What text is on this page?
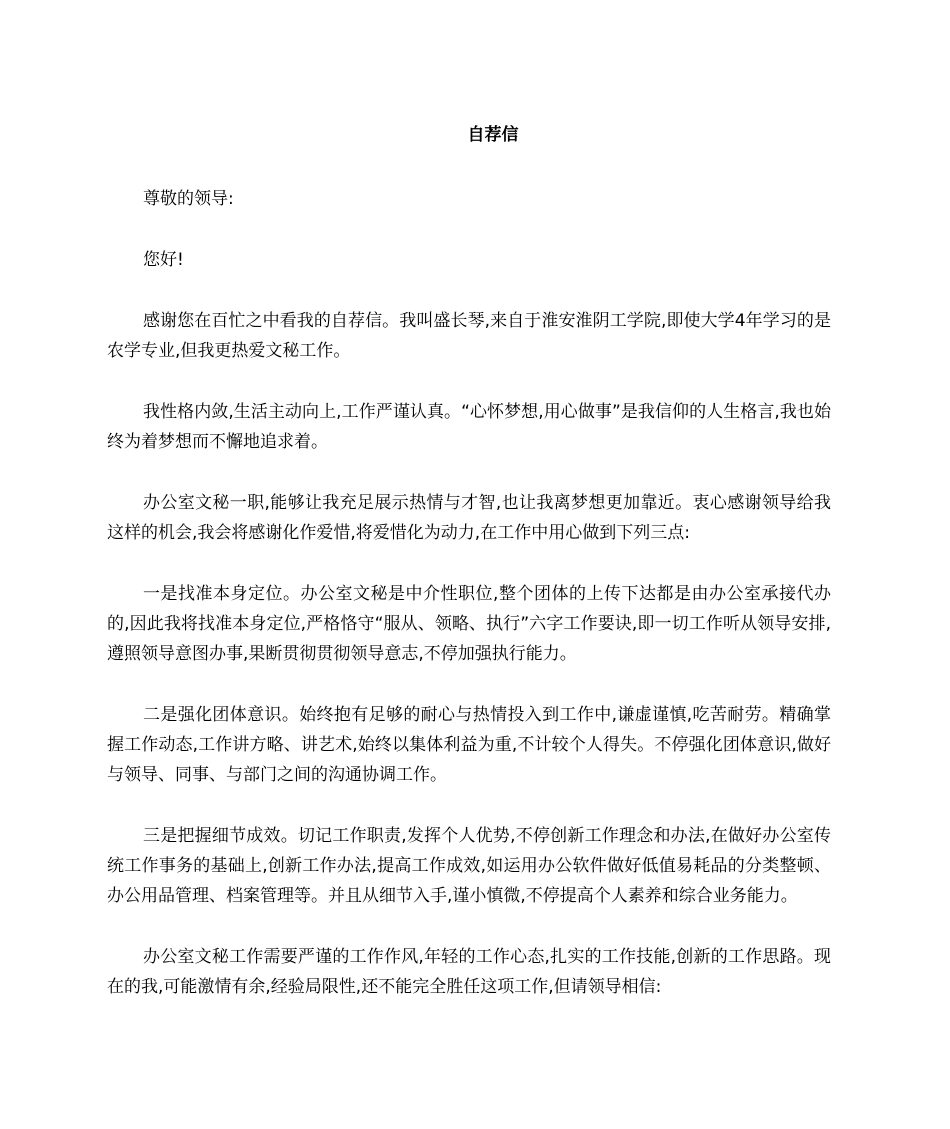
自荐信

尊敬的领导:

您好!

感谢您在百忙之中看我的自荐信。我叫盛长琴,来自于淮安淮阴工学院,即使大学4年学习的是农学专业,但我更热爱文秘工作。

我性格内敛,生活主动向上,工作严谨认真。“心怀梦想,用心做事”是我信仰的人生格言,我也始终为着梦想而不懈地追求着。

办公室文秘一职,能够让我充足展示热情与才智,也让我离梦想更加靠近。衷心感谢领导给我这样的机会,我会将感谢化作爱惜,将爱惜化为动力,在工作中用心做到下列三点:

一是找准本身定位。办公室文秘是中介性职位,整个团体的上传下达都是由办公室承接代办的,因此我将找准本身定位,严格恪守“服从、领略、执行”六字工作要诀,即一切工作听从领导安排,遵照领导意图办事,果断贯彻贯彻领导意志,不停加强执行能力。

二是强化团体意识。始终抱有足够的耐心与热情投入到工作中,谦虚谨慎,吃苦耐劳。精确掌握工作动态,工作讲方略、讲艺术,始终以集体利益为重,不计较个人得失。不停强化团体意识,做好与领导、同事、与部门之间的沟通协调工作。

三是把握细节成效。切记工作职责,发挥个人优势,不停创新工作理念和办法,在做好办公室传统工作事务的基础上,创新工作办法,提高工作成效,如运用办公软件做好低值易耗品的分类整顿、办公用品管理、档案管理等。并且从细节入手,谨小慎微,不停提高个人素养和综合业务能力。

办公室文秘工作需要严谨的工作作风,年轻的工作心态,扎实的工作技能,创新的工作思路。现在的我,可能激情有余,经验局限性,还不能完全胜任这项工作,但请领导相信:
